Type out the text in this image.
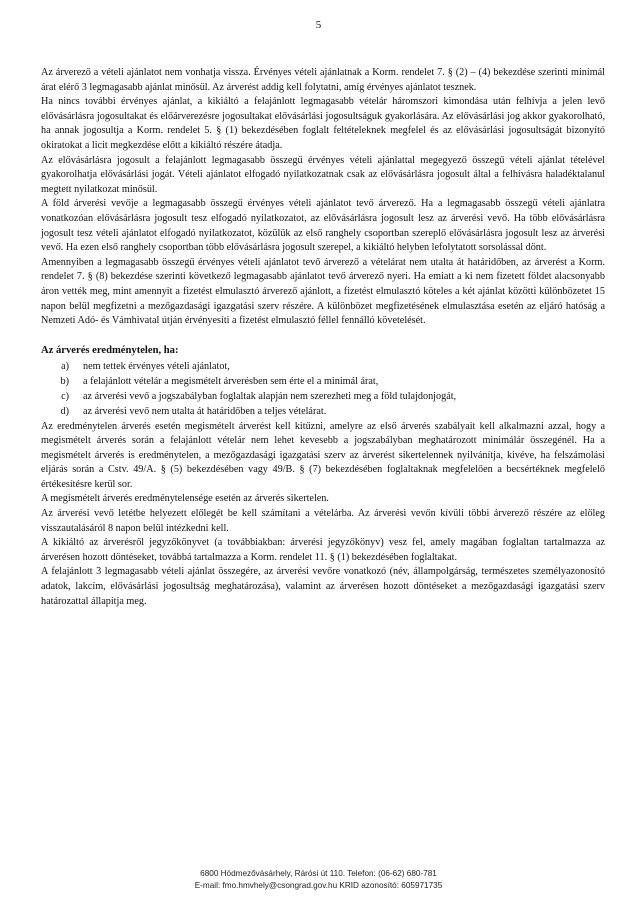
5

Az árverező a vételi ajánlatot nem vonhatja vissza. Érvényes vételi ajánlatnak a Korm. rendelet 7. § (2) – (4) bekezdése szerinti minimál árat elérő 3 legmagasabb ajánlat minősül. Az árverést addig kell folytatni, amíg érvényes ajánlatot tesznek.

Ha nincs további érvényes ajánlat, a kikiáltó a felajánlott legmagasabb vételár háromszori kimondása után felhívja a jelen levő elővásárlásra jogosultakat és előárverezésre jogosultakat elővásárlási jogosultságuk gyakorlására. Az elővásárlási jog akkor gyakorolható, ha annak jogosultja a Korm. rendelet 5. § (1) bekezdésében foglalt feltételeknek megfelel és az elővásárlási jogosultságát bizonyító okiratokat a licit megkezdése előtt a kikiáltó részére átadja.

Az elővásárlásra jogosult a felajánlott legmagasabb összegű érvényes vételi ajánlattal megegyező összegű vételi ajánlat tételével gyakorolhatja elővásárlási jogát. Vételi ajánlatot elfogadó nyilatkozatnak csak az elővásárlásra jogosult által a felhívásra haladéktalanul megtett nyilatkozat minősül.

A föld árverési vevője a legmagasabb összegű érvényes vételi ajánlatot tevő árverező. Ha a legmagasabb összegű vételi ajánlatra vonatkozóan elővásárlásra jogosult tesz elfogadó nyilatkozatot, az elővásárlásra jogosult lesz az árverési vevő. Ha több elővásárlásra jogosult tesz vételi ajánlatot elfogadó nyilatkozatot, közülük az első ranghely csoportban szereplő elővásárlásra jogosult lesz az árverési vevő. Ha ezen első ranghely csoportban több elővásárlásra jogosult szerepel, a kikiáltó helyben lefolytatott sorsolással dönt.

Amennyiben a legmagasabb összegű érvényes vételi ajánlatot tevő árverező a vételárat nem utalta át határidőben, az árverést a Korm. rendelet 7. § (8) bekezdése szerinti következő legmagasabb ajánlatot tevő árverező nyeri. Ha emiatt a ki nem fizetett földet alacsonyabb áron vették meg, mint amennyit a fizetést elmulasztó árverező ajánlott, a fizetést elmulasztó köteles a két ajánlat közötti különbözetet 15 napon belül megfizetni a mezőgazdasági igazgatási szerv részére. A különbözet megfizetésének elmulasztása esetén az eljáró hatóság a Nemzeti Adó- és Vámhivatal útján érvényesíti a fizetést elmulasztó féllel fennálló követelését.

Az árverés eredménytelen, ha:

a)	nem tettek érvényes vételi ajánlatot,
b)	a felajánlott vételár a megismételt árverésben sem érte el a minimál árat,
c)	az árverési vevő a jogszabályban foglaltak alapján nem szerezheti meg a föld tulajdonjogát,
d)	az árverési vevő nem utalta át határidőben a teljes vételárat.

Az eredménytelen árverés esetén megismételt árverést kell kitűzni, amelyre az első árverés szabályait kell alkalmazni azzal, hogy a megismételt árverés során a felajánlott vételár nem lehet kevesebb a jogszabályban meghatározott minimálár összegénél. Ha a megismételt árverés is eredménytelen, a mezőgazdasági igazgatási szerv az árverést sikertelennek nyilvánítja, kivéve, ha felszámolási eljárás során a Cstv. 49/A. § (5) bekezdésében vagy 49/B. § (7) bekezdésében foglaltaknak megfelelően a becsértéknek megfelelő értékesítésre kerül sor.

A megismételt árverés eredménytelensége esetén az árverés sikertelen.

Az árverési vevő letétbe helyezett előlegét be kell számítani a vételárba. Az árverési vevőn kívüli többi árverező részére az előleg visszautalásáról 8 napon belül intézkedni kell.

A kikiáltó az árverésről jegyzőkönyvet (a továbbiakban: árverési jegyzőkönyv) vesz fel, amely magában foglaltan tartalmazza az árverésen hozott döntéseket, továbbá tartalmazza a Korm. rendelet 11. § (1) bekezdésében foglaltakat.

A felajánlott 3 legmagasabb vételi ajánlat összegére, az árverési vevőre vonatkozó (név, állampolgárság, természetes személyazonosító adatok, lakcím, elővásárlási jogosultság meghatározása), valamint az árverésen hozott döntéseket a mezőgazdasági igazgatási szerv határozattal állapítja meg.

6800 Hódmezővásárhely, Rárósi út 110. Telefon: (06-62) 680-781
E-mail: fmo.hmvhely@csongrad.gov.hu KRID azonosító: 605971735
